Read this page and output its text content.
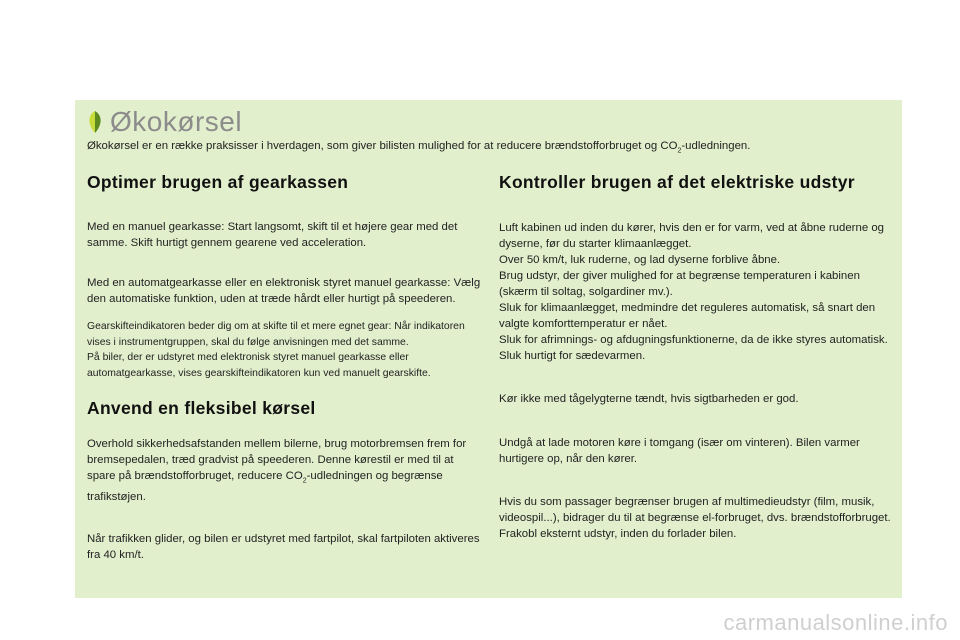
Økokørsel
Økokørsel er en række praksisser i hverdagen, som giver bilisten mulighed for at reducere brændstofforbruget og $CO_2$-udledningen.
Optimer brugen af gearkassen

Med en manuel gearkasse: Start langsomt, skift til et højere gear med det samme. Skift hurtigt gennem gearene ved acceleration.

Med en automatgearkasse eller en elektronisk styret manuel gearkasse: Vælg den automatiske funktion, uden at træde hårdt eller hurtigt på speederen.

Gearskifteindikatoren beder dig om at skifte til et mere egnet gear: Når indikatoren vises i instrumentgruppen, skal du følge anvisningen med det samme.
På biler, der er udstyret med elektronisk styret manuel gearkasse eller automatgearkasse, vises gearskifteindikatoren kun ved manuelt gearskifte.

Anvend en fleksibel kørsel

Overhold sikkerhedsafstanden mellem bilerne, brug motorbremsen frem for bremsepedalen, træd gradvist på speederen. Denne kørestil er med til at spare på brændstofforbruget, reducere $CO_2$-udledningen og begrænse trafikstøjen.

Når trafikken glider, og bilen er udstyret med fartpilot, skal fartpiloten aktiveres fra 40 km/t.

Kontroller brugen af det elektriske udstyr

Luft kabinen ud inden du kører, hvis den er for varm, ved at åbne ruderne og dyserne, før du starter klimaanlægget.
Over 50 km/t, luk ruderne, og lad dyserne forblive åbne.
Brug udstyr, der giver mulighed for at begrænse temperaturen i kabinen (skærm til soltag, solgardiner mv.).
Sluk for klimaanlægget, medmindre det reguleres automatisk, så snart den valgte komforttemperatur er nået.
Sluk for afrimnings- og afdugningsfunktionerne, da de ikke styres automatisk.
Sluk hurtigt for sædevarmen.

Kør ikke med tågelygterne tændt, hvis sigtbarheden er god.

Undgå at lade motoren køre i tomgang (især om vinteren). Bilen varmer hurtigere op, når den kører.

Hvis du som passager begrænser brugen af multimedieudstyr (film, musik, videospil...), bidrager du til at begrænse el-forbruget, dvs. brændstofforbruget.
Frakobl eksternt udstyr, inden du forlader bilen.

carmanualsonline.info
